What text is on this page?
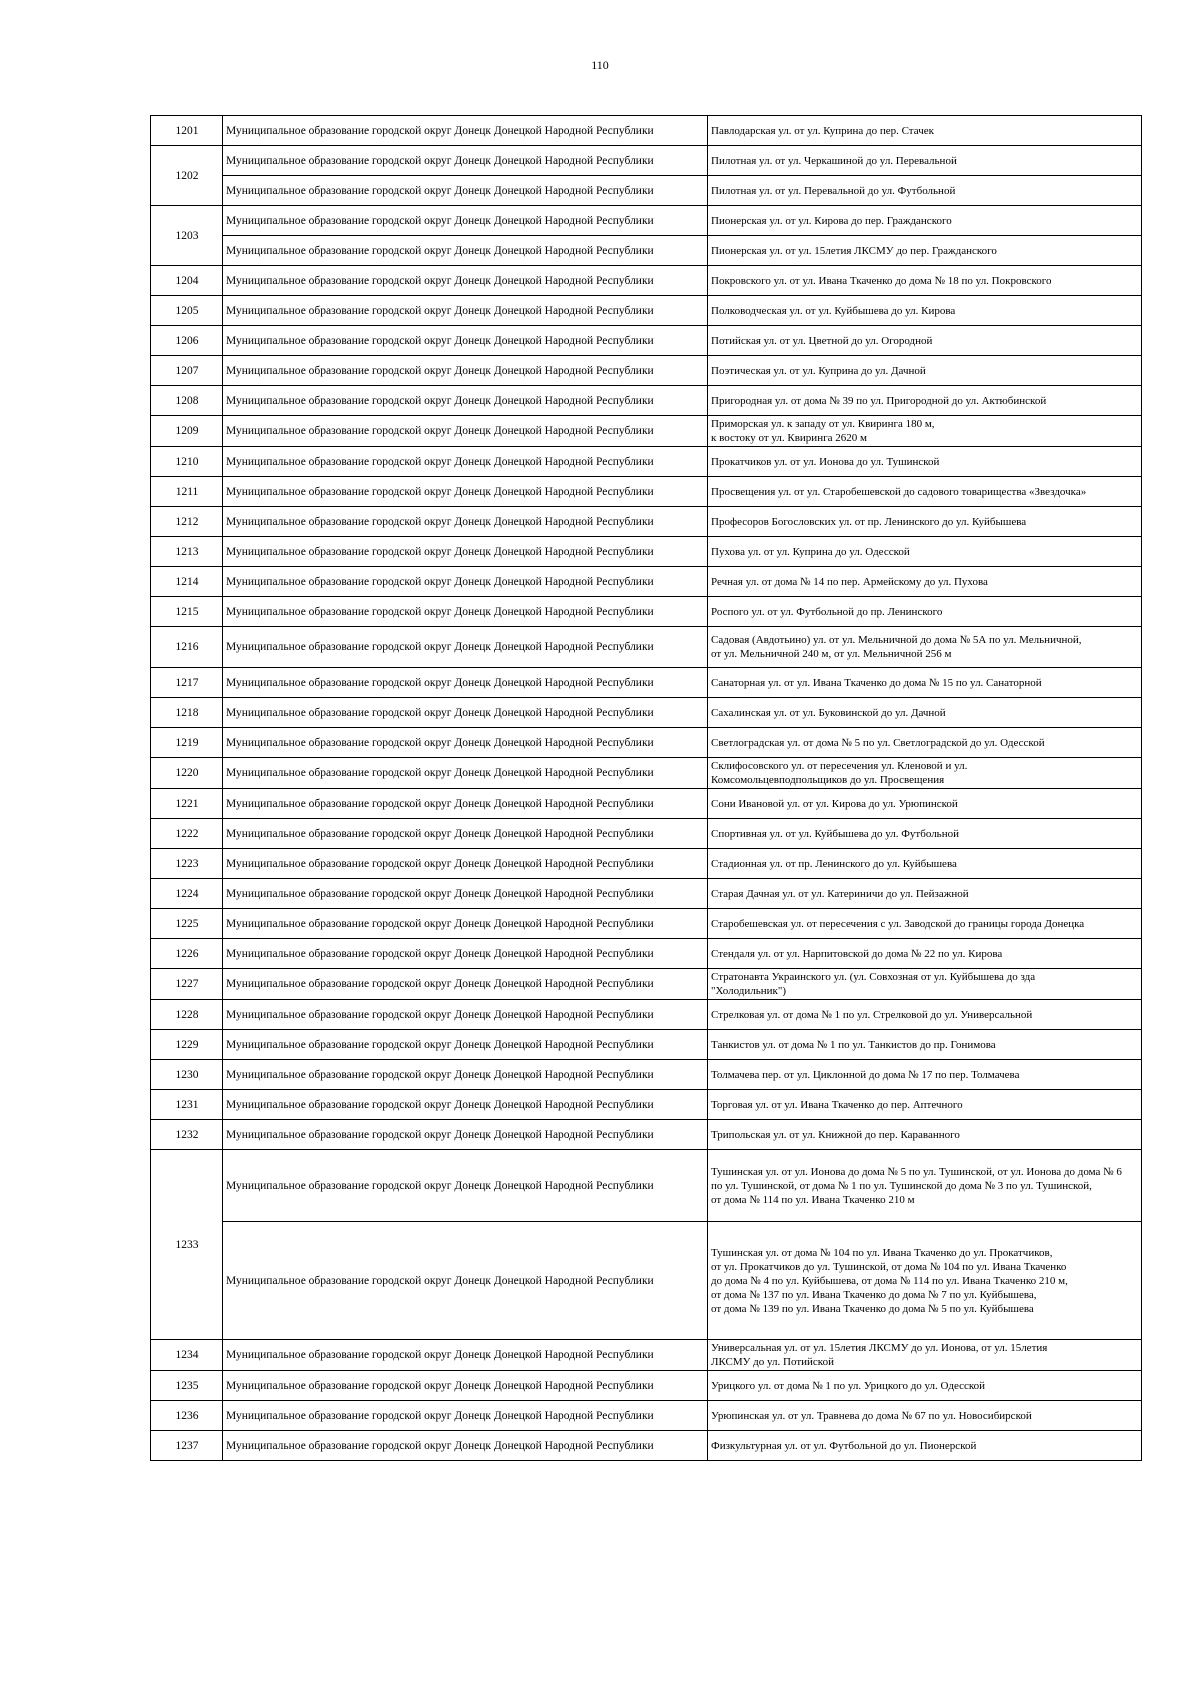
110
1201	Муниципальное образование городской округ Донецк Донецкой Народной Республики	Павлодарская ул. от ул. Куприна до пер. Стачек

1202	Муниципальное образование городской округ Донецк Донецкой Народной Республики	Пилотная ул. от ул. Черкашиной до ул. Перевальной

	Муниципальное образование городской округ Донецк Донецкой Народной Республики	Пилотная ул. от ул. Перевальной до ул. Футбольной

1203	Муниципальное образование городской округ Донецк Донецкой Народной Республики	Пионерская ул. от ул. Кирова до пер. Гражданского

	Муниципальное образование городской округ Донецк Донецкой Народной Республики	Пионерская ул. от ул. 15летия ЛКСМУ до пер. Гражданского

1204	Муниципальное образование городской округ Донецк Донецкой Народной Республики	Покровского ул. от ул. Ивана Ткаченко до дома № 18 по ул. Покровского

1205	Муниципальное образование городской округ Донецк Донецкой Народной Республики	Полководческая ул. от ул. Куйбышева до ул. Кирова

1206	Муниципальное образование городской округ Донецк Донецкой Народной Республики	Потийская ул. от ул. Цветной до ул. Огородной

1207	Муниципальное образование городской округ Донецк Донецкой Народной Республики	Поэтическая ул. от ул. Куприна до ул. Дачной

1208	Муниципальное образование городской округ Донецк Донецкой Народной Республики	Пригородная ул. от дома № 39 по ул. Пригородной до ул. Актюбинской

1209	Муниципальное образование городской округ Донецк Донецкой Народной Республики	Приморская ул. к западу от ул. Квиринга 180 м,
к востоку от ул. Квиринга 2620 м

1210	Муниципальное образование городской округ Донецк Донецкой Народной Республики	Прокатчиков ул. от ул. Ионова до ул. Тушинской

1211	Муниципальное образование городской округ Донецк Донецкой Народной Республики	Просвещения ул. от ул. Старобешевской до садового товарищества «Звездочка»

1212	Муниципальное образование городской округ Донецк Донецкой Народной Республики	Професоров Богословских ул. от пр. Ленинского до ул. Куйбышева

1213	Муниципальное образование городской округ Донецк Донецкой Народной Республики	Пухова ул. от ул. Куприна до ул. Одесской

1214	Муниципальное образование городской округ Донецк Донецкой Народной Республики	Речная ул. от дома № 14 по пер. Армейскому до ул. Пухова

1215	Муниципальное образование городской округ Донецк Донецкой Народной Республики	Роспого ул. от ул. Футбольной до пр. Ленинского

1216	Муниципальное образование городской округ Донецк Донецкой Народной Республики	Садовая (Авдотьино) ул. от ул. Мельничной до дома № 5А по ул. Мельничной,
от ул. Мельничной 240 м, от ул. Мельничной 256 м

1217	Муниципальное образование городской округ Донецк Донецкой Народной Республики	Санаторная ул. от ул. Ивана Ткаченко до дома № 15 по ул. Санаторной

1218	Муниципальное образование городской округ Донецк Донецкой Народной Республики	Сахалинская ул. от ул. Буковинской до ул. Дачной

1219	Муниципальное образование городской округ Донецк Донецкой Народной Республики	Светлоградская ул. от дома № 5 по ул. Светлоградской до ул. Одесской

1220	Муниципальное образование городской округ Донецк Донецкой Народной Республики	Склифосовского ул. от пересечения ул. Кленовой и ул.
Комсомольцевподпольщиков до ул. Просвещения

1221	Муниципальное образование городской округ Донецк Донецкой Народной Республики	Сони Ивановой ул. от ул. Кирова до ул. Урюпинской

1222	Муниципальное образование городской округ Донецк Донецкой Народной Республики	Спортивная ул. от ул. Куйбышева до ул. Футбольной

1223	Муниципальное образование городской округ Донецк Донецкой Народной Республики	Стадионная ул. от пр. Ленинского до ул. Куйбышева

1224	Муниципальное образование городской округ Донецк Донецкой Народной Республики	Старая Дачная ул. от ул. Катериничи до ул. Пейзажной

1225	Муниципальное образование городской округ Донецк Донецкой Народной Республики	Старобешевская ул. от пересечения с ул. Заводской до границы города Донецка

1226	Муниципальное образование городской округ Донецк Донецкой Народной Республики	Стендаля ул. от ул. Нарпитовской до дома № 22 по ул. Кирова

1227	Муниципальное образование городской округ Донецк Донецкой Народной Республики	Стратонавта Украинского ул. (ул. Совхозная от ул. Куйбышева до зда
"Холодильник")

1228	Муниципальное образование городской округ Донецк Донецкой Народной Республики	Стрелковая ул. от дома № 1 по ул. Стрелковой до ул. Универсальной

1229	Муниципальное образование городской округ Донецк Донецкой Народной Республики	Танкистов ул. от дома № 1 по ул. Танкистов до пр. Гонимова

1230	Муниципальное образование городской округ Донецк Донецкой Народной Республики	Толмачева пер. от ул. Циклонной до дома № 17 по пер. Толмачева

1231	Муниципальное образование городской округ Донецк Донецкой Народной Республики	Торговая ул. от ул. Ивана Ткаченко до пер. Аптечного

1232	Муниципальное образование городской округ Донецк Донецкой Народной Республики	Трипольская ул. от ул. Книжной до пер. Караванного

1233	Муниципальное образование городской округ Донецк Донецкой Народной Республики	Тушинская ул. от ул. Ионова до дома № 5 по ул. Тушинской, от ул. Ионова до дома № 6
по ул. Тушинской, от дома № 1 по ул. Тушинской до дома № 3 по ул. Тушинской,
от дома № 114 по ул. Ивана Ткаченко 210 м

	Муниципальное образование городской округ Донецк Донецкой Народной Республики	Тушинская ул. от дома № 104 по ул. Ивана Ткаченко до ул. Прокатчиков,
от ул. Прокатчиков до ул. Тушинской, от дома № 104 по ул. Ивана Ткаченко
до дома № 4 по ул. Куйбышева, от дома № 114 по ул. Ивана Ткаченко 210 м,
от дома № 137 по ул. Ивана Ткаченко до дома № 7 по ул. Куйбышева,
от дома № 139 по ул. Ивана Ткаченко до дома № 5 по ул. Куйбышева

1234	Муниципальное образование городской округ Донецк Донецкой Народной Республики	Универсальная ул. от ул. 15летия ЛКСМУ до ул. Ионова, от ул. 15летия
ЛКСМУ до ул. Потийской

1235	Муниципальное образование городской округ Донецк Донецкой Народной Республики	Урицкого ул. от дома № 1 по ул. Урицкого до ул. Одесской

1236	Муниципальное образование городской округ Донецк Донецкой Народной Республики	Урюпинская ул. от ул. Травнева до дома № 67 по ул. Новосибирской

1237	Муниципальное образование городской округ Донецк Донецкой Народной Республики	Физкультурная ул. от ул. Футбольной до ул. Пионерской
